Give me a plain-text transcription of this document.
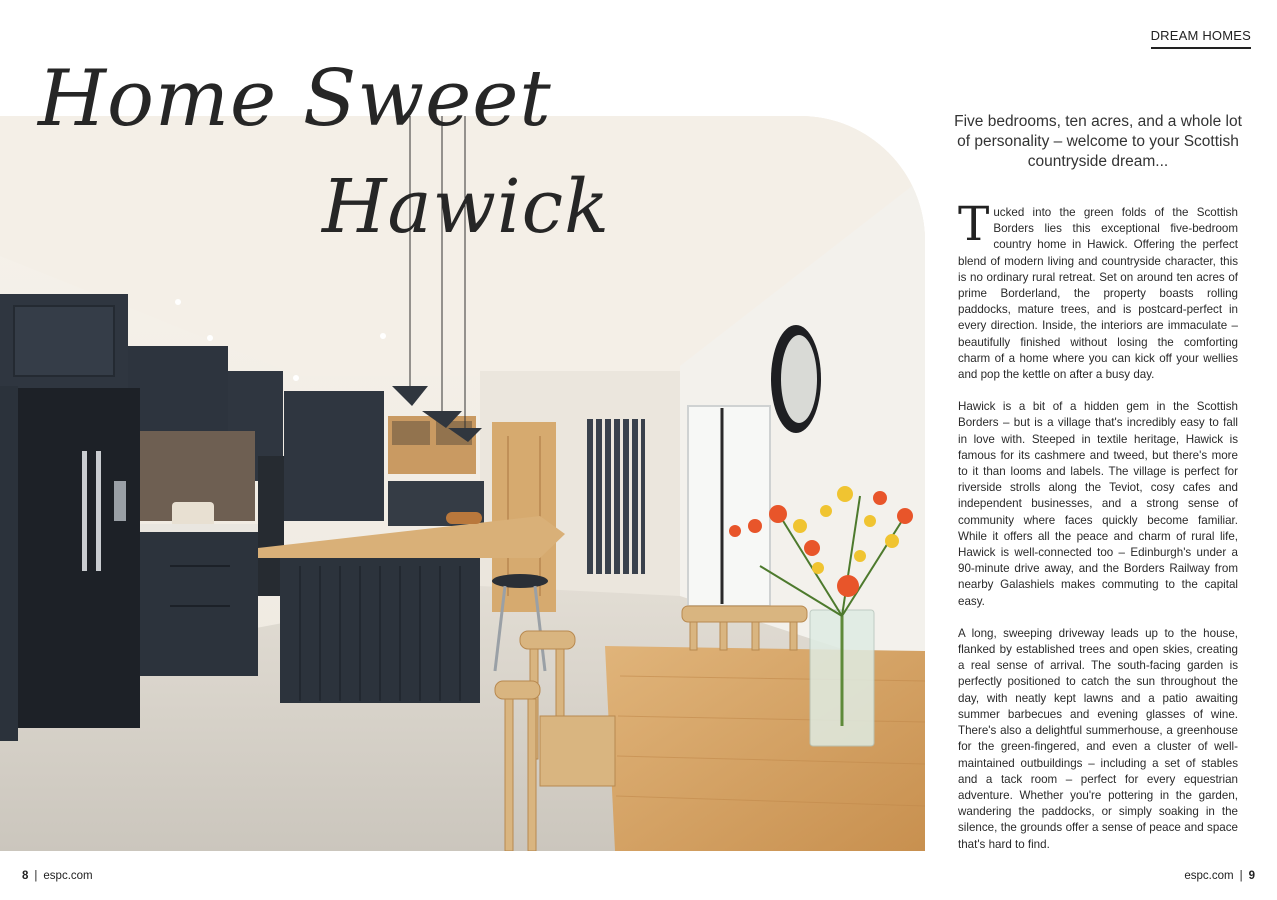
DREAM HOMES
Home Sweet
Hawick
Five bedrooms, ten acres, and a whole lot of personality – welcome to your Scottish countryside dream...

Tucked into the green folds of the Scottish Borders lies this exceptional five-bedroom country home in Hawick. Offering the perfect blend of modern living and countryside character, this is no ordinary rural retreat. Set on around ten acres of prime Borderland, the property boasts rolling paddocks, mature trees, and is postcard-perfect in every direction. Inside, the interiors are immaculate – beautifully finished without losing the comforting charm of a home where you can kick off your wellies and pop the kettle on after a busy day.

Hawick is a bit of a hidden gem in the Scottish Borders – but is a village that's incredibly easy to fall in love with. Steeped in textile heritage, Hawick is famous for its cashmere and tweed, but there's more to it than looms and labels. The village is perfect for riverside strolls along the Teviot, cosy cafes and independent businesses, and a strong sense of community where faces quickly become familiar. While it offers all the peace and charm of rural life, Hawick is well-connected too – Edinburgh's under a 90-minute drive away, and the Borders Railway from nearby Galashiels makes commuting to the capital easy.

A long, sweeping driveway leads up to the house, flanked by established trees and open skies, creating a real sense of arrival. The south-facing garden is perfectly positioned to catch the sun throughout the day, with neatly kept lawns and a patio awaiting summer barbecues and evening glasses of wine. There's also a delightful summerhouse, a greenhouse for the green-fingered, and even a cluster of well-maintained outbuildings – including a set of stables and a tack room – perfect for every equestrian adventure. Whether you're pottering in the garden, wandering the paddocks, or simply soaking in the silence, the grounds offer a sense of peace and space that's hard to find.

8 | espc.com	espc.com | 9
